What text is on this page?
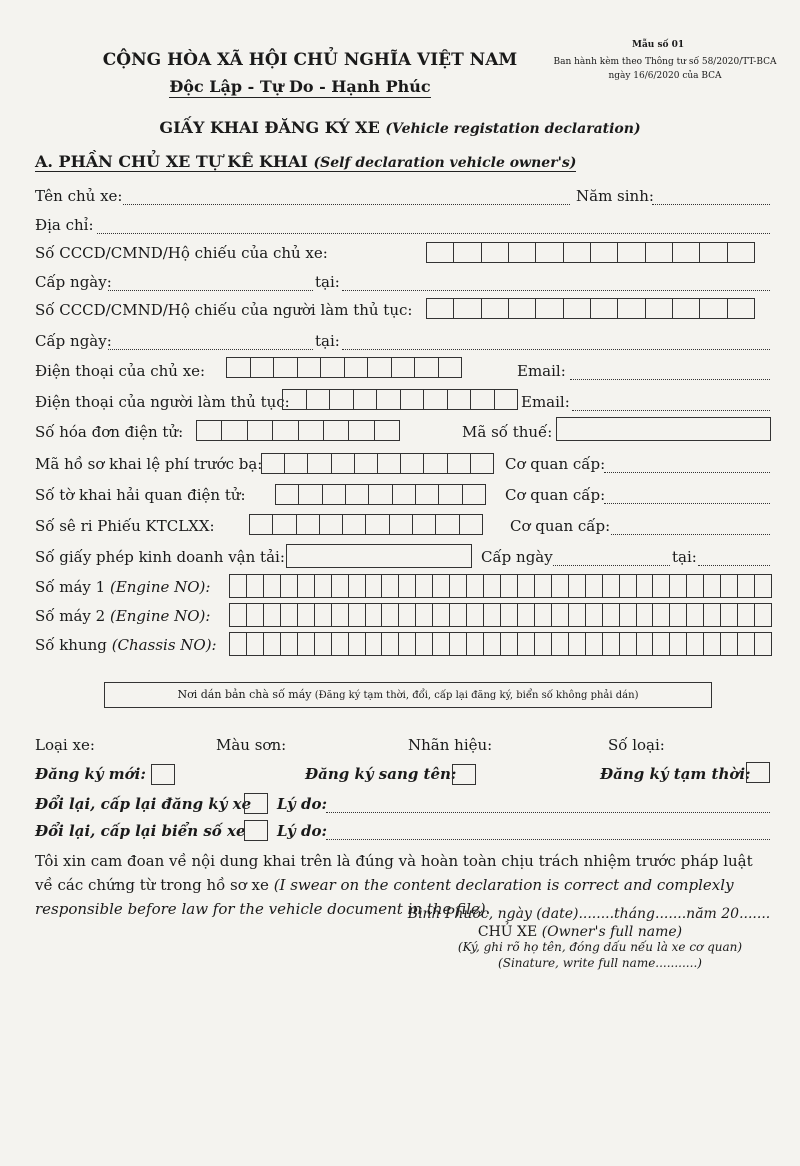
CỘNG HÒA XÃ HỘI CHỦ NGHĨA VIỆT NAM
Độc Lập - Tự Do - Hạnh Phúc
Mẫu số 01
Ban hành kèm theo Thông tư số 58/2020/TT-BCA
ngày 16/6/2020 của BCA
GIẤY KHAI ĐĂNG KÝ XE (Vehicle registation declaration)
A. PHẦN CHỦ XE TỰ KÊ KHAI (Self declaration vehicle owner's)
Tên chủ xe:	Năm sinh:
Địa chỉ:
Số CCCD/CMND/Hộ chiếu của chủ xe:
Cấp ngày:	tại:
Số CCCD/CMND/Hộ chiếu của người làm thủ tục:
Cấp ngày:	tại:
Điện thoại của chủ xe:	Email:
Điện thoại của người làm thủ tục:	Email:
Số hóa đơn điện tử:	Mã số thuế:
Mã hồ sơ khai lệ phí trước bạ:	Cơ quan cấp:
Số tờ khai hải quan điện tử:	Cơ quan cấp:
Số sê ri Phiếu KTCLXX:	Cơ quan cấp:
Số giấy phép kinh doanh vận tải:	Cấp ngày	tại:
Số máy 1 (Engine NO):
Số máy 2 (Engine NO):
Số khung (Chassis NO):
Nơi dán bản chà số máy (Đăng ký tạm thời, đổi, cấp lại đăng ký, biển số không phải dán)
Loại xe:	Màu sơn:	Nhãn hiệu:	Số loại:
Đăng ký mới:	Đăng ký sang tên:	Đăng ký tạm thời:
Đổi lại, cấp lại đăng ký xe Lý do:
Đổi lại, cấp lại biển số xe Lý do:
Tôi xin cam đoan về nội dung khai trên là đúng và hoàn toàn chịu trách nhiệm trước pháp luật về các chứng từ trong hồ sơ xe (I swear on the content declaration is correct and complexly responsible before law for the vehicle document in the file).
Bình Phước, ngày (date)........tháng.......năm 20.......
CHỦ XE (Owner's full name)
(Ký, ghi rõ họ tên, đóng dấu nếu là xe cơ quan)
(Sinature, write full name...........)
